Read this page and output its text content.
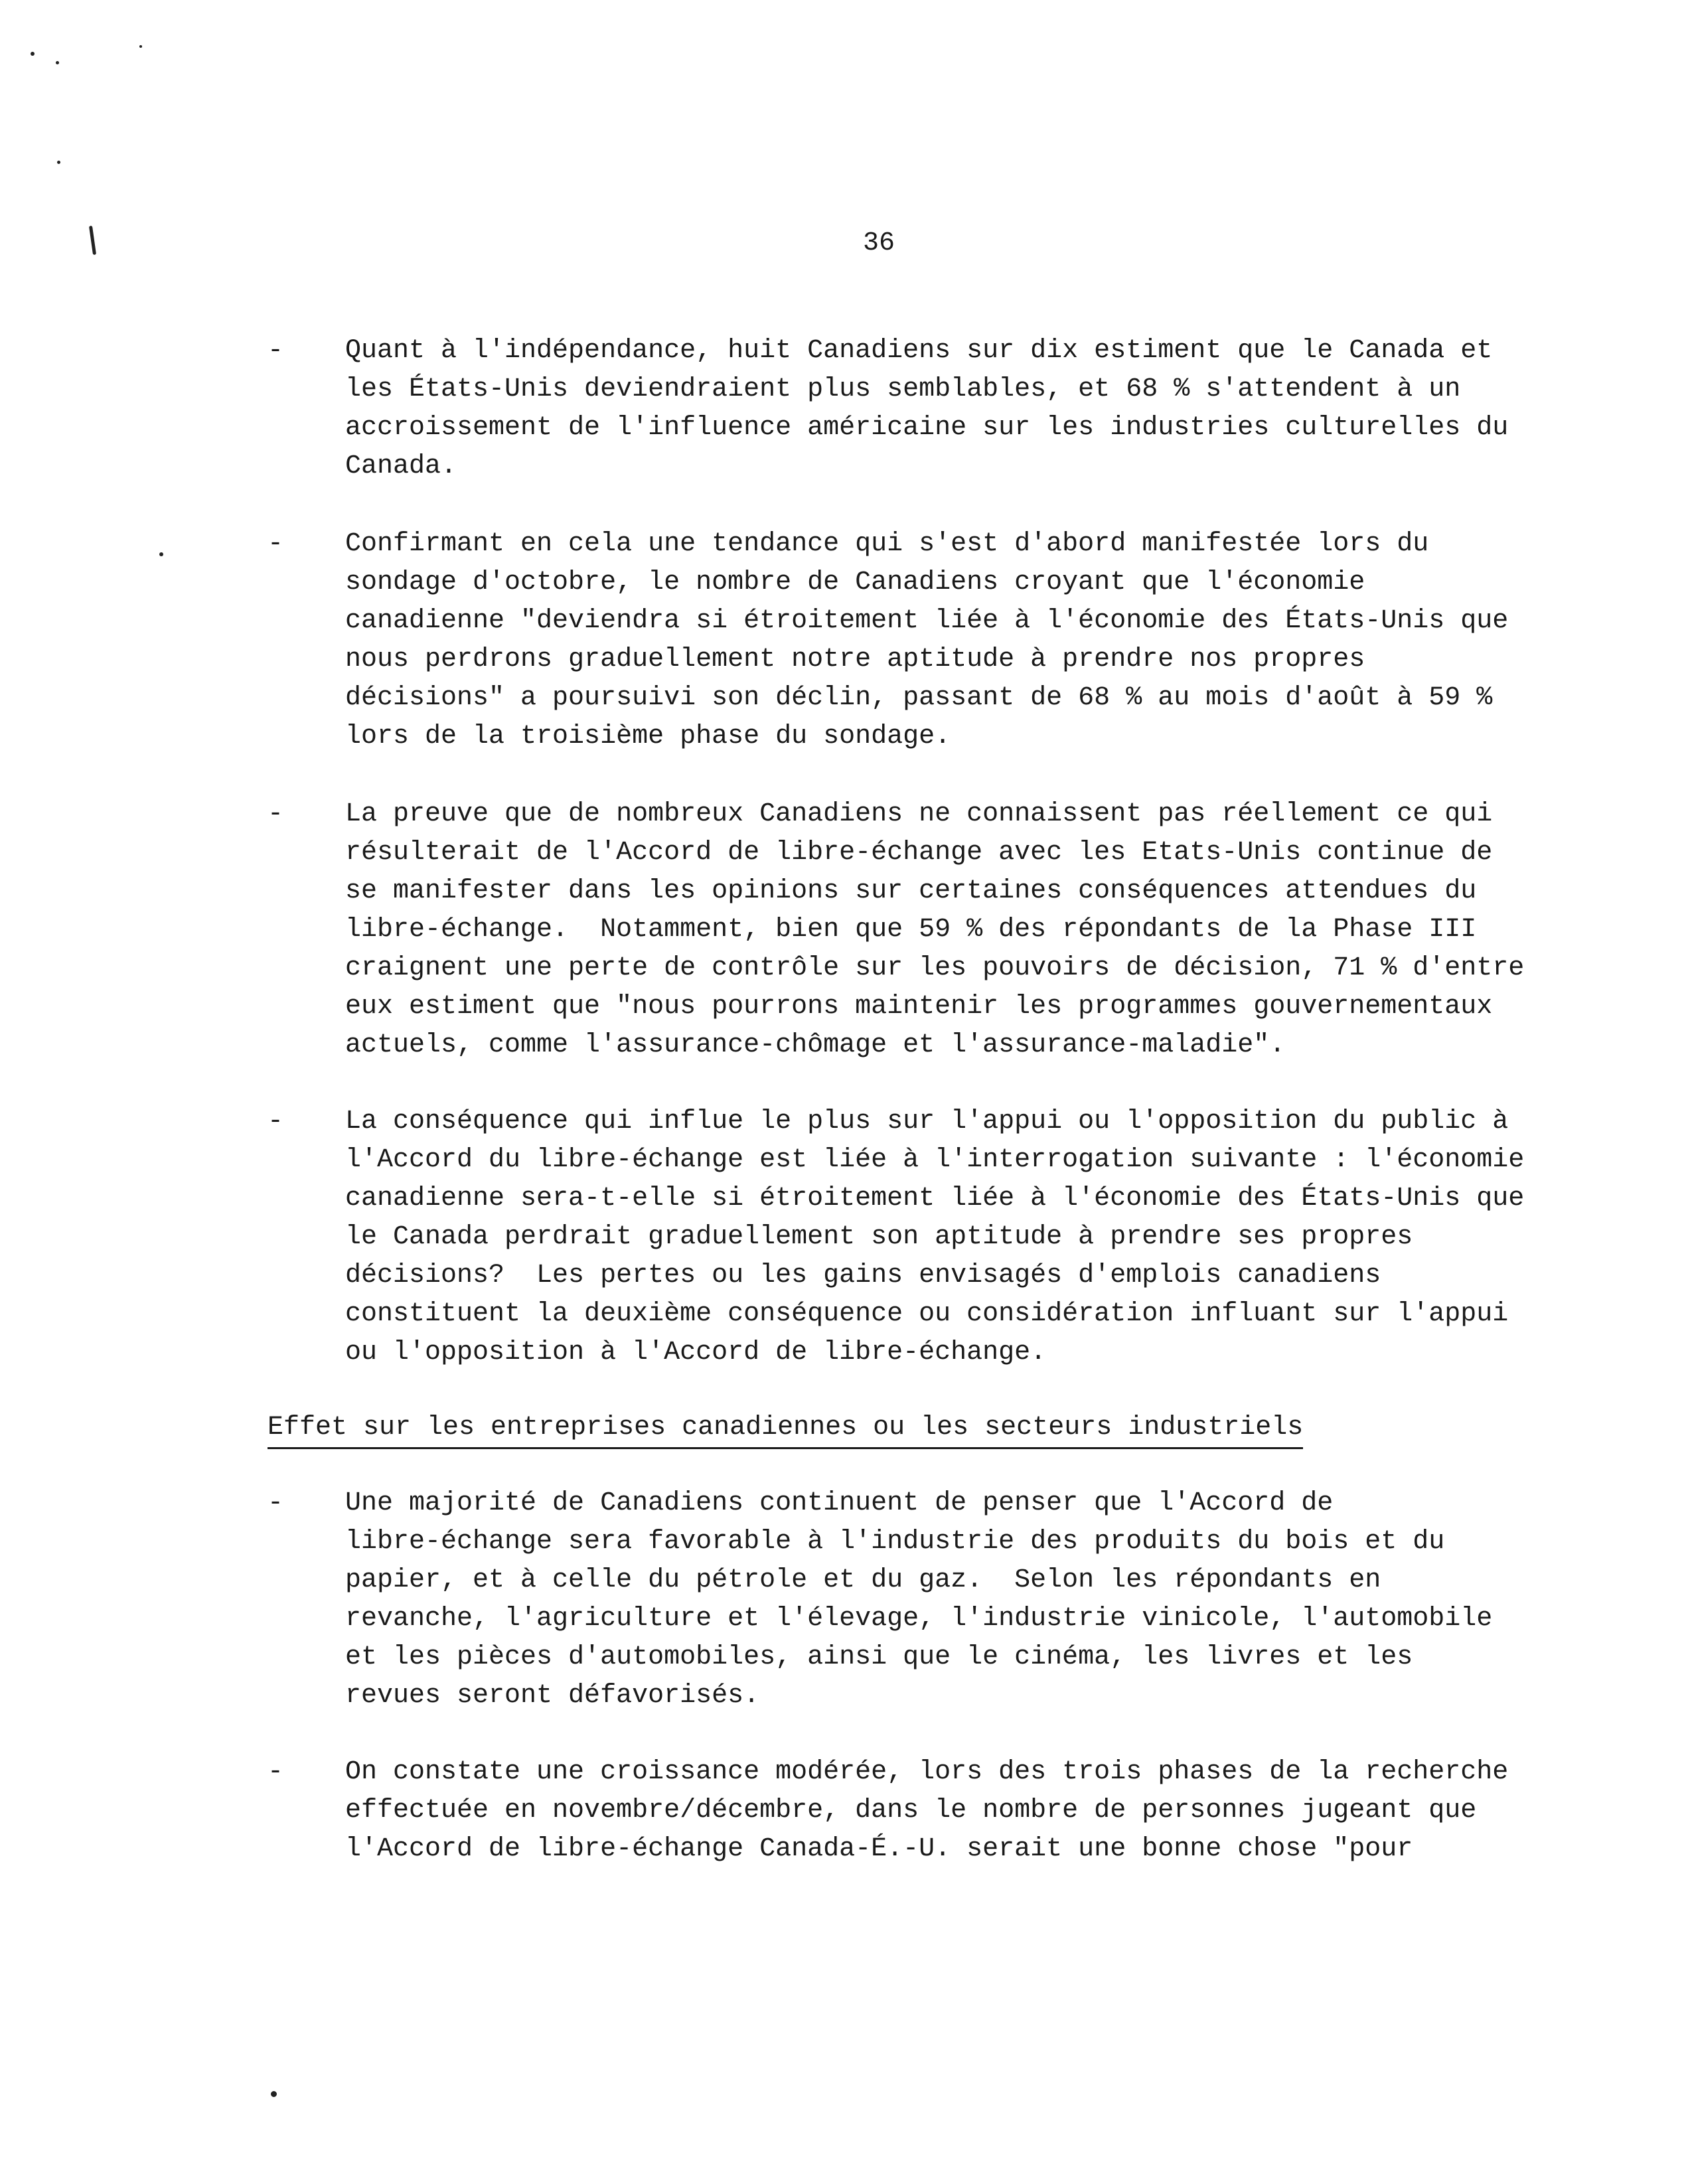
36
- Quant à l'indépendance, huit Canadiens sur dix estiment que le Canada et
les États-Unis deviendraient plus semblables, et 68 % s'attendent à un
accroissement de l'influence américaine sur les industries culturelles du
Canada.
- Confirmant en cela une tendance qui s'est d'abord manifestée lors du
sondage d'octobre, le nombre de Canadiens croyant que l'économie
canadienne "deviendra si étroitement liée à l'économie des États-Unis que
nous perdrons graduellement notre aptitude à prendre nos propres
décisions" a poursuivi son déclin, passant de 68 % au mois d'août à 59 %
lors de la troisième phase du sondage.
- La preuve que de nombreux Canadiens ne connaissent pas réellement ce qui
résulterait de l'Accord de libre-échange avec les Etats-Unis continue de
se manifester dans les opinions sur certaines conséquences attendues du
libre-échange.  Notamment, bien que 59 % des répondants de la Phase III
craignent une perte de contrôle sur les pouvoirs de décision, 71 % d'entre
eux estiment que "nous pourrons maintenir les programmes gouvernementaux
actuels, comme l'assurance-chômage et l'assurance-maladie".
- La conséquence qui influe le plus sur l'appui ou l'opposition du public à
l'Accord du libre-échange est liée à l'interrogation suivante : l'économie
canadienne sera-t-elle si étroitement liée à l'économie des États-Unis que
le Canada perdrait graduellement son aptitude à prendre ses propres
décisions?  Les pertes ou les gains envisagés d'emplois canadiens
constituent la deuxième conséquence ou considération influant sur l'appui
ou l'opposition à l'Accord de libre-échange.
Effet sur les entreprises canadiennes ou les secteurs industriels
- Une majorité de Canadiens continuent de penser que l'Accord de
libre-échange sera favorable à l'industrie des produits du bois et du
papier, et à celle du pétrole et du gaz.  Selon les répondants en
revanche, l'agriculture et l'élevage, l'industrie vinicole, l'automobile
et les pièces d'automobiles, ainsi que le cinéma, les livres et les
revues seront défavorisés.
- On constate une croissance modérée, lors des trois phases de la recherche
effectuée en novembre/décembre, dans le nombre de personnes jugeant que
l'Accord de libre-échange Canada-É.-U. serait une bonne chose "pour
